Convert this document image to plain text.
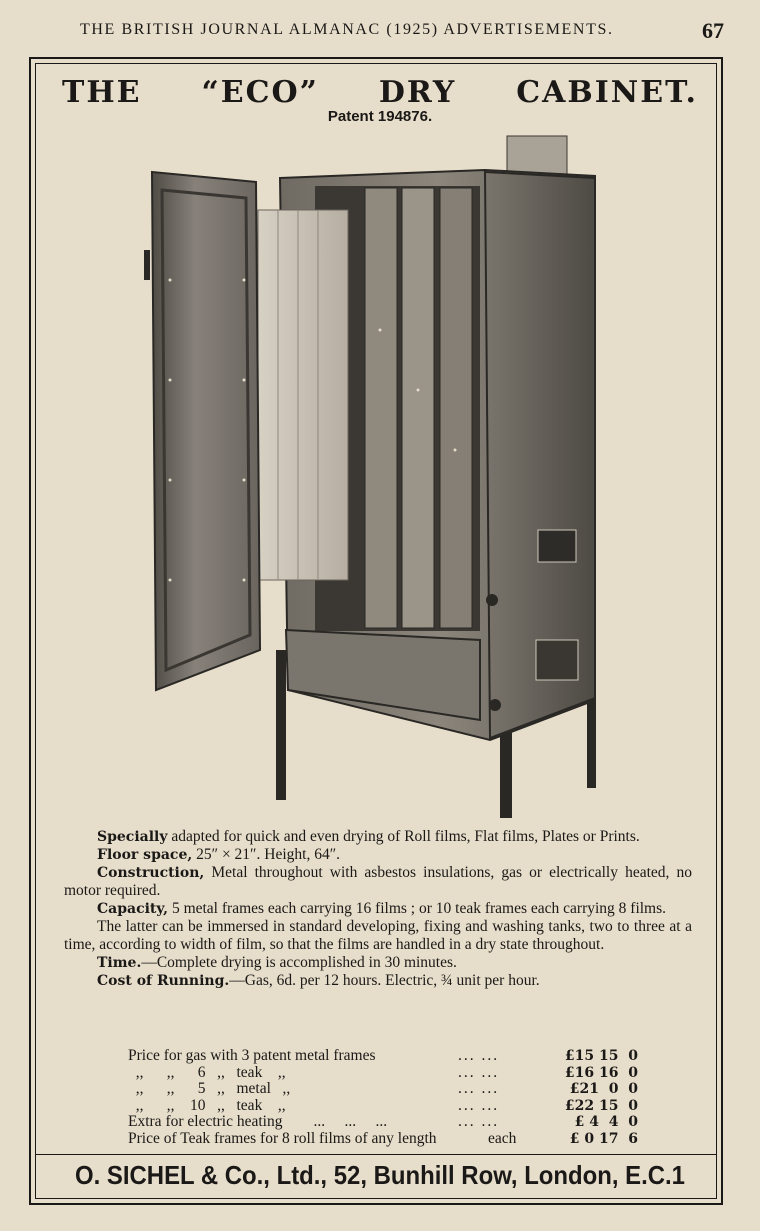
THE BRITISH JOURNAL ALMANAC (1925) ADVERTISEMENTS.	67
THE “ECO” DRY CABINET.
Patent 194876.

Specially adapted for quick and even drying of Roll films, Flat films, Plates or Prints.

Floor space, 25″ × 21″. Height, 64″.

Construction, Metal throughout with asbestos insulations, gas or electrically heated, no motor required.

Capacity, 5 metal frames each carrying 16 films ; or 10 teak frames each carrying 8 films.

The latter can be immersed in standard developing, fixing and washing tanks, two to three at a time, according to width of film, so that the films are handled in a dry state throughout.

Time.—Complete drying is accomplished in 30 minutes.

Cost of Running.—Gas, 6d. per 12 hours. Electric, ¾ unit per hour.

Price for gas with 3 patent metal frames	... ...	£15 15  0
,,      ,,      6   ,,   teak    ,,	... ...	£16 16  0
,,      ,,      5   ,,   metal   ,,	... ...	£21  0  0
,,      ,,    10   ,,   teak    ,,	... ...	£22 15  0
Extra for electric heating        ...     ...     ...	... ...	£ 4  4  0
Price of Teak frames for 8 roll films of any length	each	£ 0 17  6
O. SICHEL & Co., Ltd., 52, Bunhill Row, London, E.C.1
